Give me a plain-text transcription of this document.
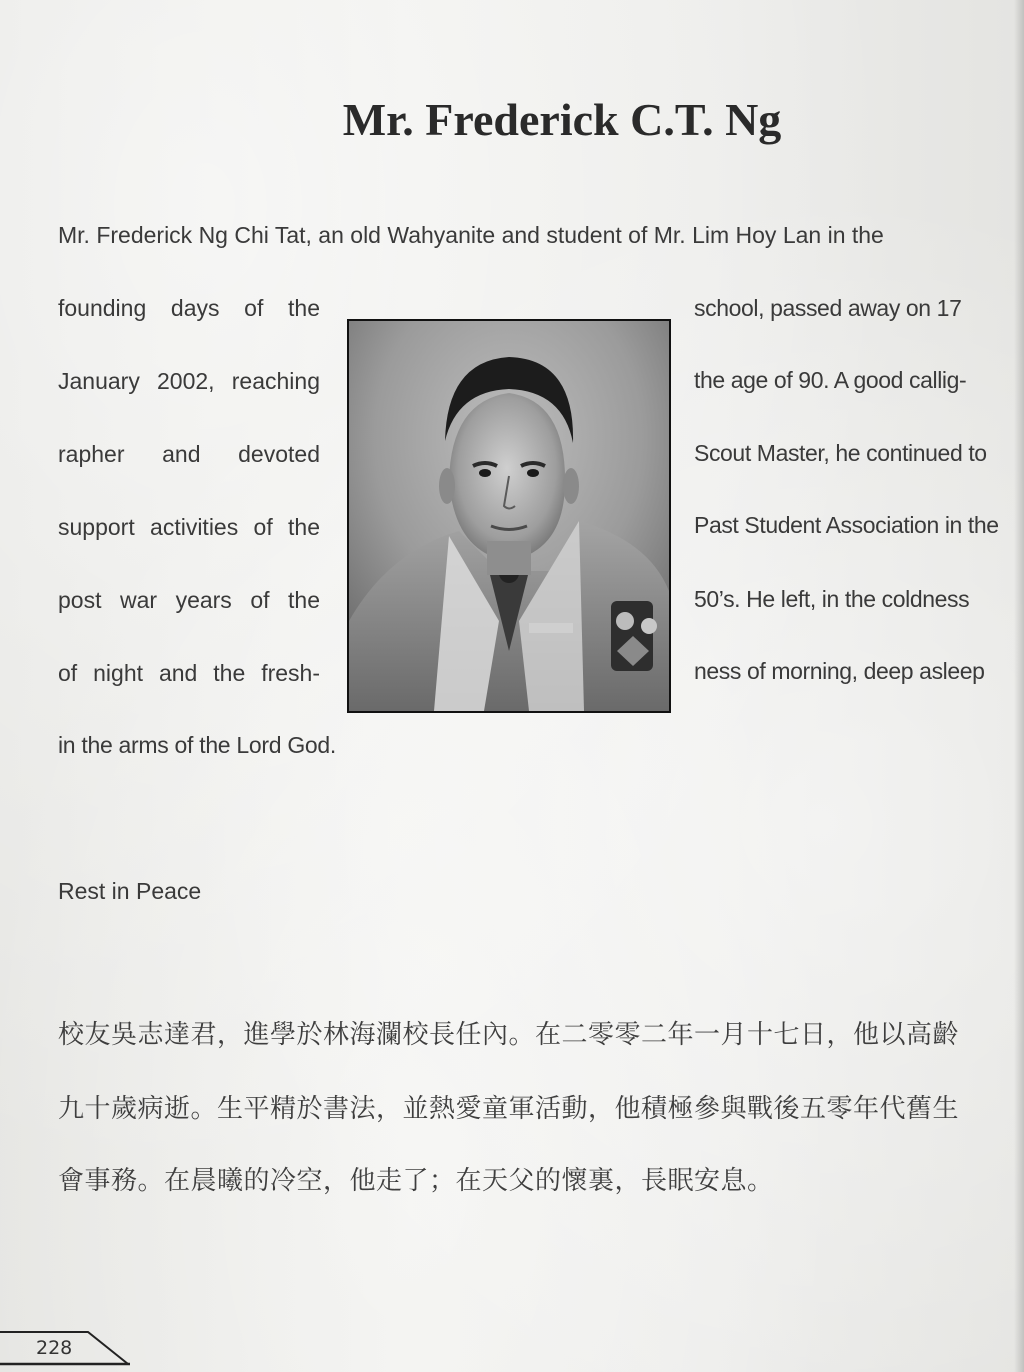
Mr. Frederick C.T. Ng

Mr. Frederick Ng Chi Tat, an old Wahyanite and student of Mr. Lim Hoy Lan in the

founding days of the

January 2002, reaching

rapher and devoted

support activities of the

post war years of the

of night and the fresh-

school, passed away on 17

the age of 90. A good callig-

Scout Master, he continued to

Past Student Association in the

50’s. He left, in the coldness

ness of morning, deep asleep

in the arms of the Lord God.

Rest in Peace

校友吳志達君，進學於林海瀾校長任內。在二零零二年一月十七日，他以高齡

九十歲病逝。生平精於書法，並熱愛童軍活動，他積極參與戰後五零年代舊生

會事務。在晨曦的冷空，他走了；在天父的懷裏，長眠安息。

228
